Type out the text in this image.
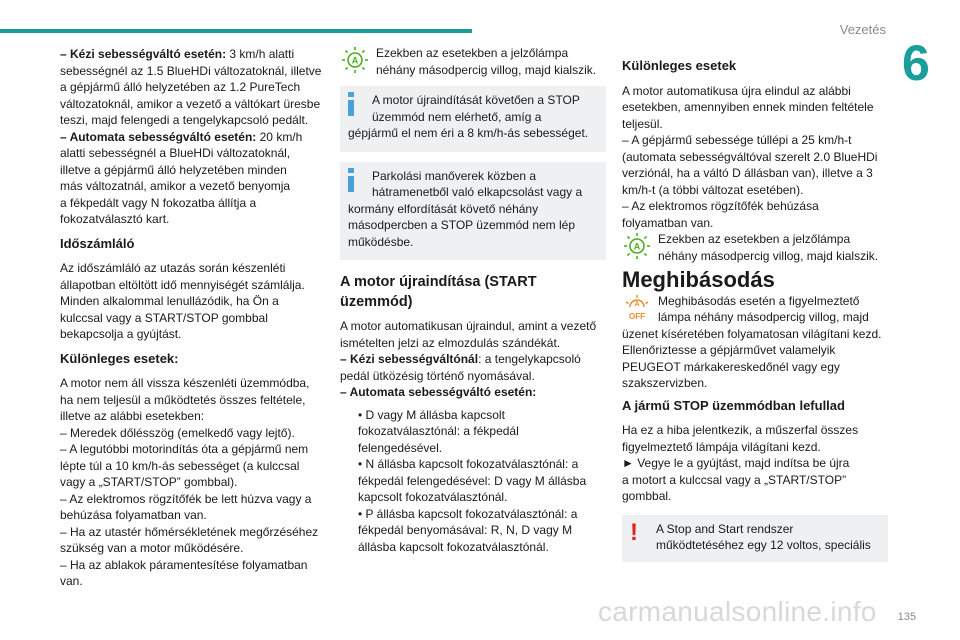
Vezetés
6

– Kézi sebességváltó esetén: 3 km/h alatti
sebességnél az 1.5 BlueHDi változatoknál, illetve
a gépjármű álló helyzetében az 1.2 PureTech
változatoknál, amikor a vezető a váltókart üresbe
teszi, majd felengedi a tengelykapcsoló pedált.
– Automata sebességváltó esetén: 20 km/h
alatti sebességnél a BlueHDi változatoknál,
illetve a gépjármű álló helyzetében minden
más változatnál, amikor a vezető benyomja
a fékpedált vagy N fokozatba állítja a
fokozatválasztó kart.

Időszámláló

Az időszámláló az utazás során készenléti
állapotban eltöltött idő mennyiségét számlálja.
Minden alkalommal lenullázódik, ha Ön a
kulccsal vagy a START/STOP gombbal
bekapcsolja a gyújtást.

Különleges esetek:

A motor nem áll vissza készenléti üzemmódba,
ha nem teljesül a működtetés összes feltétele,
illetve az alábbi esetekben:
– Meredek dőlésszög (emelkedő vagy lejtő).
– A legutóbbi motorindítás óta a gépjármű nem
lépte túl a 10 km/h-ás sebességet (a kulccsal
vagy a „START/STOP” gombbal).
– Az elektromos rögzítőfék be lett húzva vagy a
behúzása folyamatban van.
– Ha az utastér hőmérsékletének megőrzéséhez
szükség van a motor működésére.
– Ha az ablakok páramentesítése folyamatban
van.

A
Ezekben az esetekben a jelzőlámpa
néhány másodpercig villog, majd kialszik.
A motor újraindítását követően a STOP
üzemmód nem elérhető, amíg a
gépjármű el nem éri a 8 km/h-ás sebességet.
Parkolási manőverek közben a
hátramenetből való elkapcsolást vagy a
kormány elfordítását követő néhány
másodpercben a STOP üzemmód nem lép
működésbe.
A motor újraindítása (START
üzemmód)

A motor automatikusan újraindul, amint a vezető
ismételten jelzi az elmozdulás szándékát.
– Kézi sebességváltónál: a tengelykapcsoló
pedál ütközésig történő nyomásával.
– Automata sebességváltó esetén:

• D vagy M állásba kapcsolt
fokozatválasztónál: a fékpedál
felengedésével.
• N állásba kapcsolt fokozatválasztónál: a
fékpedál felengedésével: D vagy M állásba
kapcsolt fokozatválasztónál.
• P állásba kapcsolt fokozatválasztónál: a
fékpedál benyomásával: R, N, D vagy M
állásba kapcsolt fokozatválasztónál.
Különleges esetek

A motor automatikusa újra elindul az alábbi
esetekben, amennyiben ennek minden feltétele
teljesül.
– A gépjármű sebessége túllépi a 25 km/h-t
(automata sebességváltóval szerelt 2.0 BlueHDi
verziónál, ha a váltó D állásban van), illetve a 3
km/h-t (a többi változat esetében).
– Az elektromos rögzítőfék behúzása
folyamatban van.

A
Ezekben az esetekben a jelzőlámpa
néhány másodpercig villog, majd kialszik.
Meghibásodás
A
OFF
Meghibásodás esetén a figyelmeztető
lámpa néhány másodpercig villog, majd
üzenet kíséretében folyamatosan világítani kezd.
Ellenőriztesse a gépjárművet valamelyik
PEUGEOT márkakereskedőnél vagy egy
szakszervizben.
A jármű STOP üzemmódban lefullad

Ha ez a hiba jelentkezik, a műszerfal összes
figyelmeztető lámpája világítani kezd.
► Vegye le a gyújtást, majd indítsa be újra
a motort a kulccsal vagy a „START/STOP”
gombbal.

!	A Stop and Start rendszer
működtetéséhez egy 12 voltos, speciális
carmanualsonline.info 135
